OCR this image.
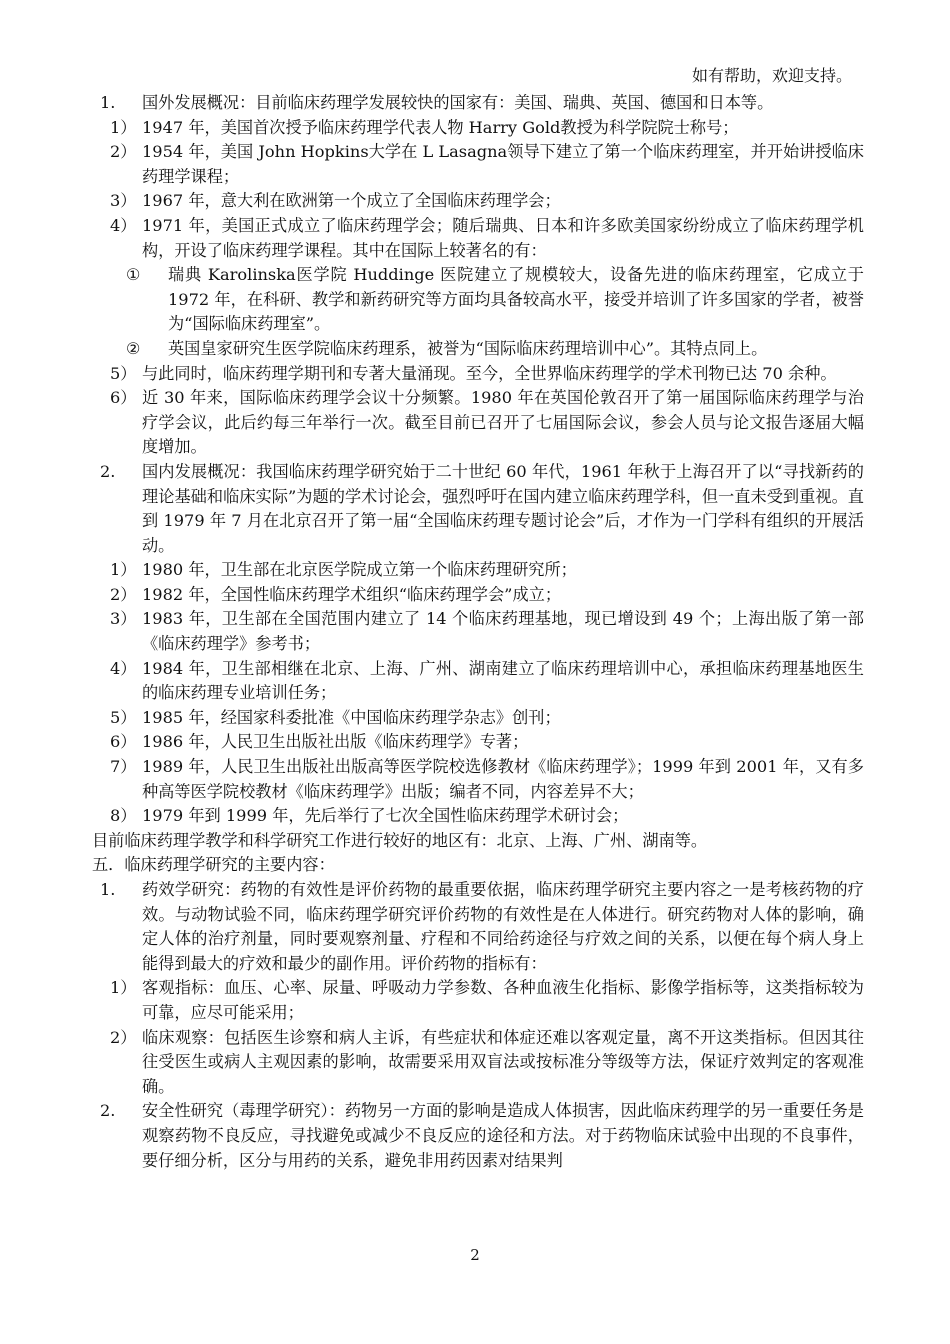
如有帮助，欢迎支持。
1. 国外发展概况：目前临床药理学发展较快的国家有：美国、瑞典、英国、德国和日本等。
1） 1947 年，美国首次授予临床药理学代表人物 Harry Gold教授为科学院院士称号；
2） 1954 年，美国 John Hopkins大学在 L Lasagna领导下建立了第一个临床药理室，并开始讲授临床药理学课程；
3） 1967 年，意大利在欧洲第一个成立了全国临床药理学会；
4） 1971 年，美国正式成立了临床药理学会；随后瑞典、日本和许多欧美国家纷纷成立了临床药理学机构，开设了临床药理学课程。其中在国际上较著名的有：
① 瑞典 Karolinska医学院 Huddinge 医院建立了规模较大，设备先进的临床药理室，它成立于 1972 年，在科研、教学和新药研究等方面均具备较高水平，接受并培训了许多国家的学者，被誉为“国际临床药理室”。
② 英国皇家研究生医学院临床药理系，被誉为“国际临床药理培训中心”。其特点同上。
5） 与此同时，临床药理学期刊和专著大量涌现。至今，全世界临床药理学的学术刊物已达 70 余种。
6） 近 30 年来，国际临床药理学会议十分频繁。1980 年在英国伦敦召开了第一届国际临床药理学与治疗学会议，此后约每三年举行一次。截至目前已召开了七届国际会议，参会人员与论文报告逐届大幅度增加。
2. 国内发展概况：我国临床药理学研究始于二十世纪 60 年代，1961 年秋于上海召开了以“寻找新药的理论基础和临床实际”为题的学术讨论会，强烈呼吁在国内建立临床药理学科，但一直未受到重视。直到 1979 年 7 月在北京召开了第一届“全国临床药理专题讨论会”后，才作为一门学科有组织的开展活动。
1） 1980 年，卫生部在北京医学院成立第一个临床药理研究所；
2） 1982 年，全国性临床药理学术组织“临床药理学会”成立；
3） 1983 年，卫生部在全国范围内建立了 14 个临床药理基地，现已增设到 49 个；上海出版了第一部《临床药理学》参考书；
4） 1984 年，卫生部相继在北京、上海、广州、湖南建立了临床药理培训中心，承担临床药理基地医生的临床药理专业培训任务；
5） 1985 年，经国家科委批准《中国临床药理学杂志》创刊；
6） 1986 年，人民卫生出版社出版《临床药理学》专著；
7） 1989 年，人民卫生出版社出版高等医学院校选修教材《临床药理学》；1999 年到 2001 年，又有多种高等医学院校教材《临床药理学》出版；编者不同，内容差异不大；
8） 1979 年到 1999 年，先后举行了七次全国性临床药理学术研讨会；
目前临床药理学教学和科学研究工作进行较好的地区有：北京、上海、广州、湖南等。
五．临床药理学研究的主要内容：
1. 药效学研究：药物的有效性是评价药物的最重要依据，临床药理学研究主要内容之一是考核药物的疗效。与动物试验不同，临床药理学研究评价药物的有效性是在人体进行。研究药物对人体的影响，确定人体的治疗剂量，同时要观察剂量、疗程和不同给药途径与疗效之间的关系，以便在每个病人身上能得到最大的疗效和最少的副作用。评价药物的指标有：
1） 客观指标：血压、心率、尿量、呼吸动力学参数、各种血液生化指标、影像学指标等，这类指标较为可靠，应尽可能采用；
2） 临床观察：包括医生诊察和病人主诉，有些症状和体症还难以客观定量，离不开这类指标。但因其往往受医生或病人主观因素的影响，故需要采用双盲法或按标准分等级等方法，保证疗效判定的客观准确。
2. 安全性研究（毒理学研究）：药物另一方面的影响是造成人体损害，因此临床药理学的另一重要任务是观察药物不良反应，寻找避免或减少不良反应的途径和方法。对于药物临床试验中出现的不良事件，要仔细分析，区分与用药的关系，避免非用药因素对结果判
2
